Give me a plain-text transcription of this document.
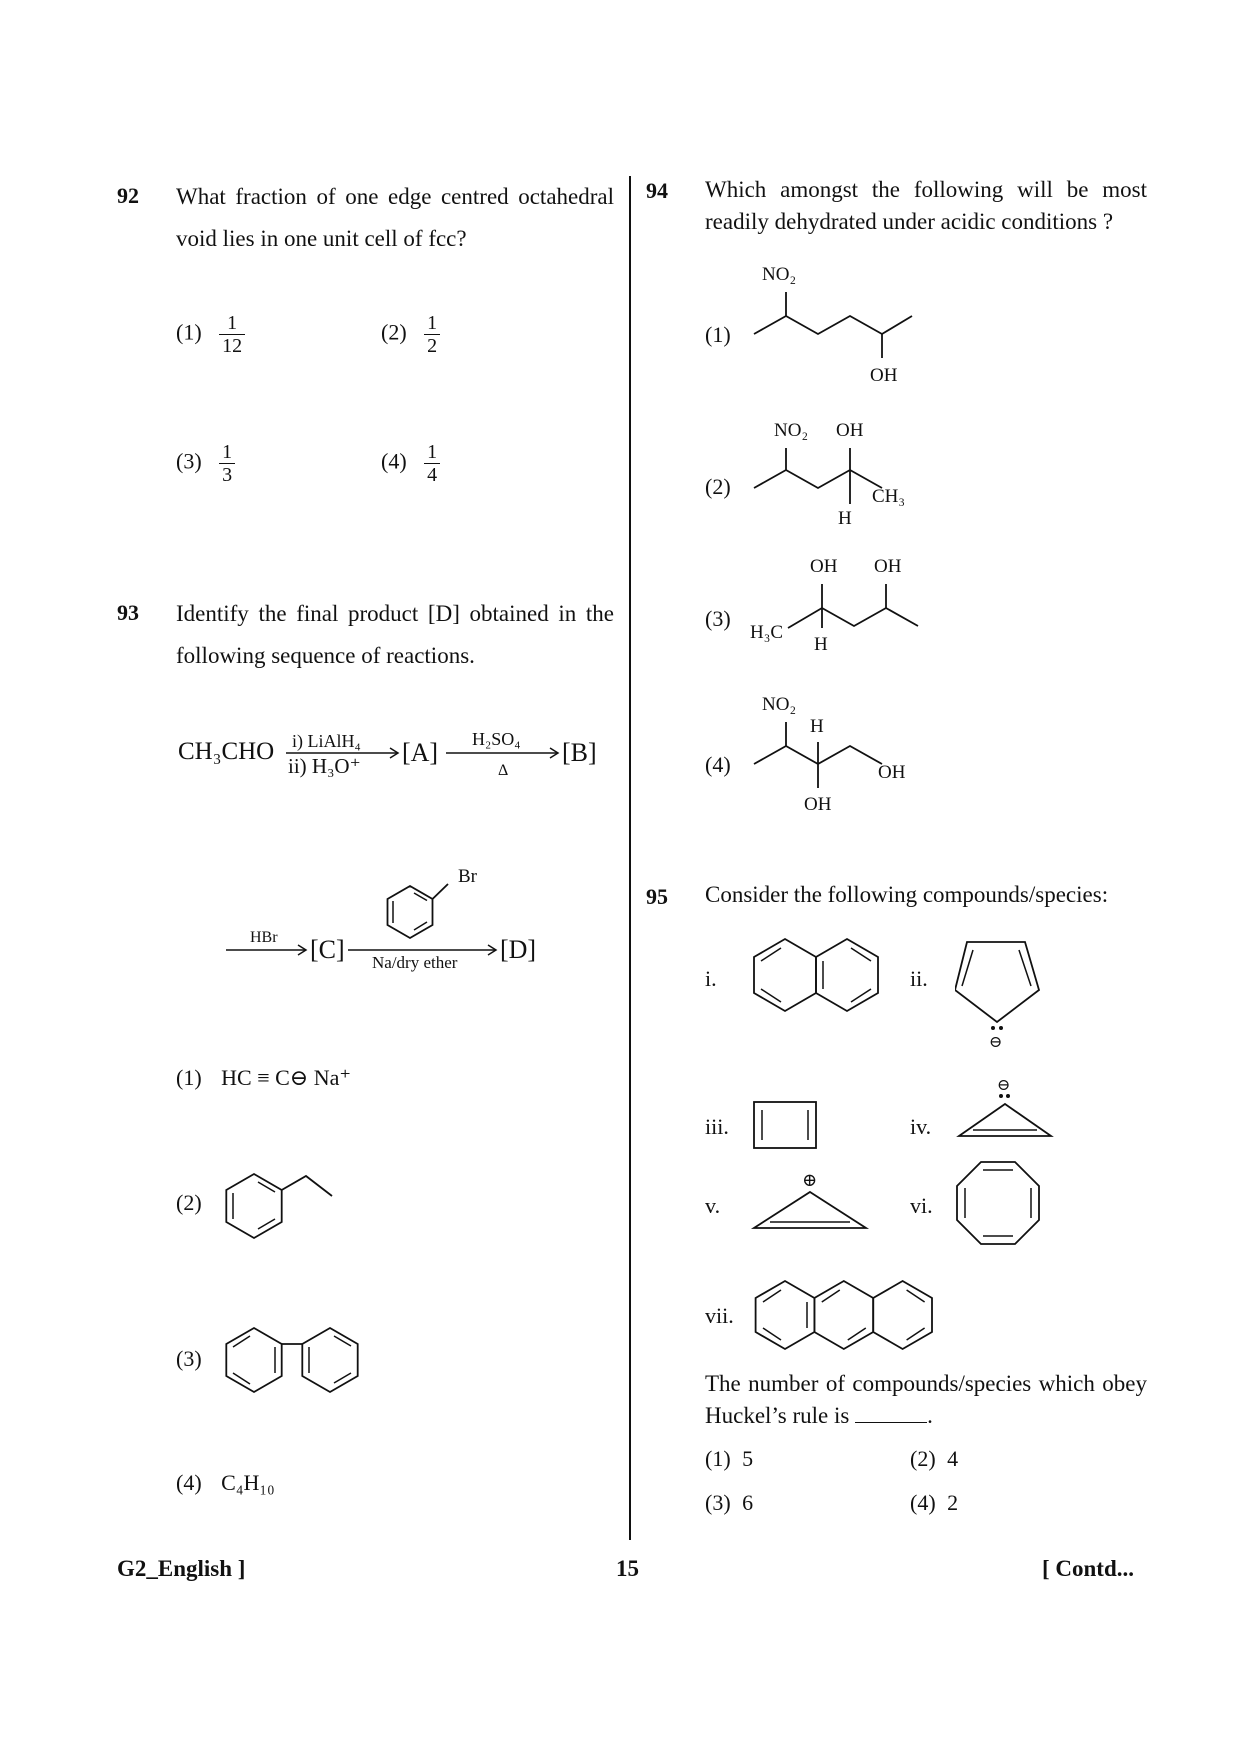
92 What fraction of one edge centred octahedral void lies in one unit cell of fcc?
$(1) \frac{1}{12}$	$(2) \frac{1}{2}$
$(3) \frac{1}{3}$	$(4) \frac{1}{4}$
93 Identify the final product [D] obtained in the following sequence of reactions.
CH₃CHO i) LiAlH₄
ii) H₃O⁺ [A] H₂SO₄
Δ
[B]
HBr [C] Na/dry ether
Br
[D]
(1) HC ≡ C⊖ Na⁺
(2)
(3)
(4) C₄H₁₀
94 Which amongst the following will be most readily dehydrated under acidic conditions ?
(1)
NO₂
OH
(2)
NO₂ OH
CH₃
H
(3)
OH OH
H₃C
H
(4)
NO₂
H
OH
OH
95 Consider the following compounds/species:
i.	ii.
⊖
iii.	iv.
⊖
v.
⊕
vi.
vii.
The number of compounds/species which obey Huckel’s rule is	.
(1) 5	(2) 4
(3) 6	(4) 2
G2_English ]	15	[ Contd...
